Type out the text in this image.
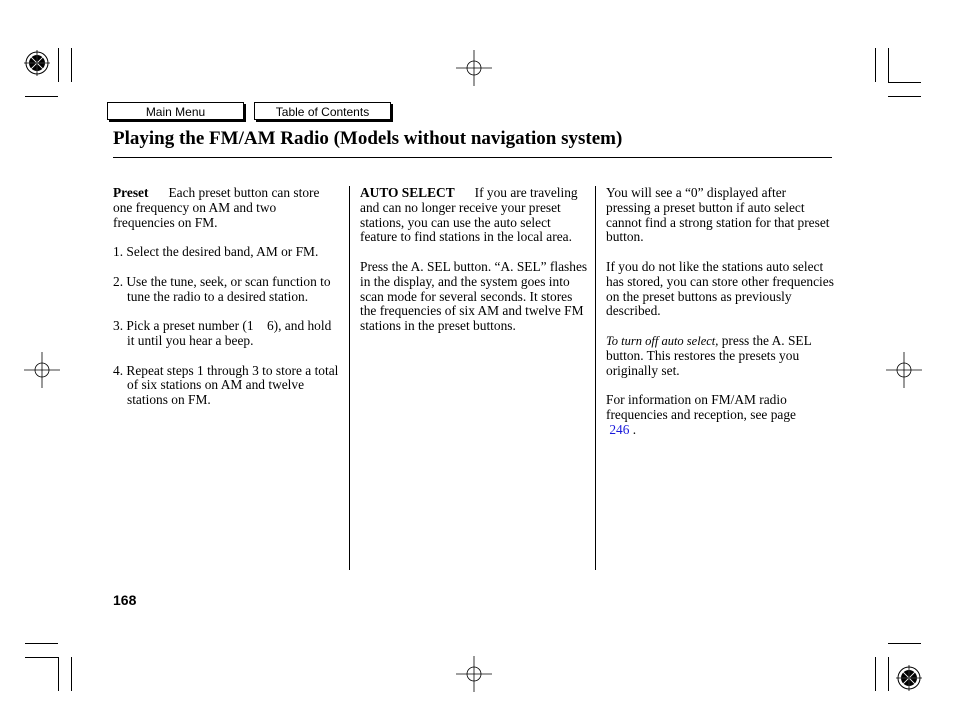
Main Menu	Table of Contents
Playing the FM/AM Radio (Models without navigation system)

Preset Each preset button can store one frequency on AM and two frequencies on FM.

1. Select the desired band, AM or FM.
2. Use the tune, seek, or scan function to tune the radio to a desired station.
3. Pick a preset number (1 6), and hold it until you hear a beep.
4. Repeat steps 1 through 3 to store a total of six stations on AM and twelve stations on FM.

AUTO SELECT If you are traveling and can no longer receive your preset stations, you can use the auto select feature to find stations in the local area.

Press the A. SEL button. “A. SEL” flashes in the display, and the system goes into scan mode for several seconds. It stores the frequencies of six AM and twelve FM stations in the preset buttons.

You will see a “0” displayed after pressing a preset button if auto select cannot find a strong station for that preset button.

If you do not like the stations auto select has stored, you can store other frequencies on the preset buttons as previously described.

To turn off auto select, press the A. SEL button. This restores the presets you originally set.

For information on FM/AM radio frequencies and reception, see page
246 .

168
